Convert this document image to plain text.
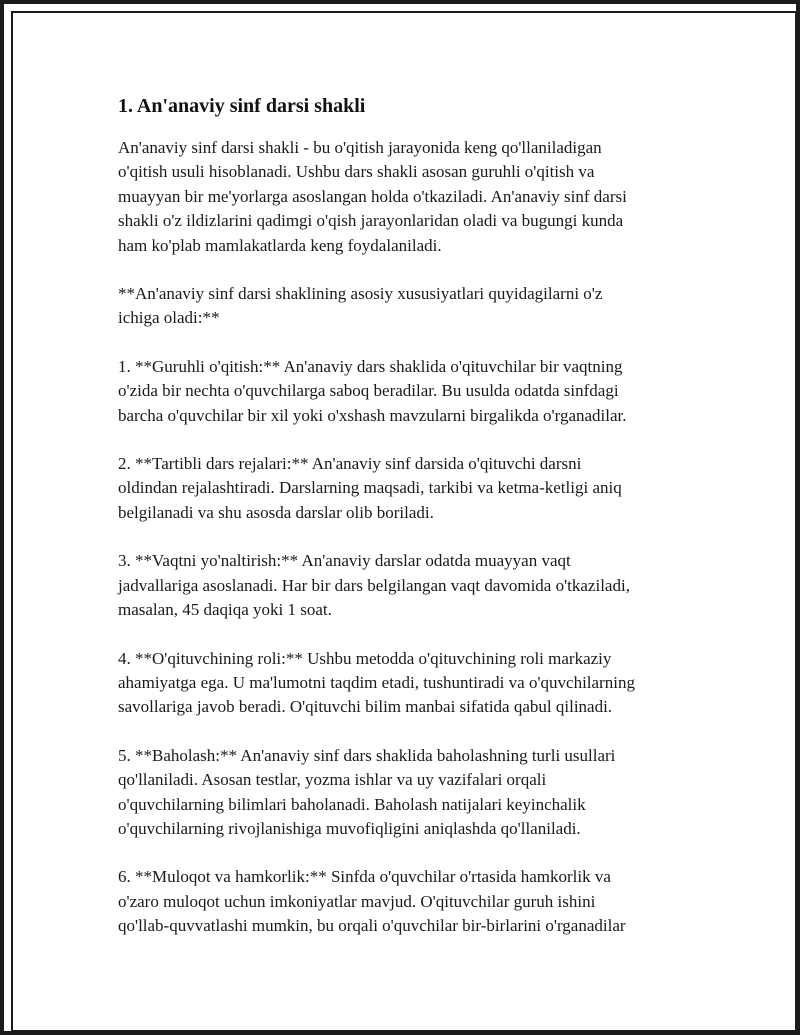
1. An'anaviy sinf darsi shakli

An'anaviy sinf darsi shakli - bu o'qitish jarayonida keng qo'llaniladigan
o'qitish usuli hisoblanadi. Ushbu dars shakli asosan guruhli o'qitish va
muayyan bir me'yorlarga asoslangan holda o'tkaziladi. An'anaviy sinf darsi
shakli o'z ildizlarini qadimgi o'qish jarayonlaridan oladi va bugungi kunda
ham ko'plab mamlakatlarda keng foydalaniladi.

**An'anaviy sinf darsi shaklining asosiy xususiyatlari quyidagilarni o'z
ichiga oladi:**

1. **Guruhli o'qitish:** An'anaviy dars shaklida o'qituvchilar bir vaqtning
o'zida bir nechta o'quvchilarga saboq beradilar. Bu usulda odatda sinfdagi
barcha o'quvchilar bir xil yoki o'xshash mavzularni birgalikda o'rganadilar.

2. **Tartibli dars rejalari:** An'anaviy sinf darsida o'qituvchi darsni
oldindan rejalashtiradi. Darslarning maqsadi, tarkibi va ketma-ketligi aniq
belgilanadi va shu asosda darslar olib boriladi.

3. **Vaqtni yo'naltirish:** An'anaviy darslar odatda muayyan vaqt
jadvallariga asoslanadi. Har bir dars belgilangan vaqt davomida o'tkaziladi,
masalan, 45 daqiqa yoki 1 soat.

4. **O'qituvchining roli:** Ushbu metodda o'qituvchining roli markaziy
ahamiyatga ega. U ma'lumotni taqdim etadi, tushuntiradi va o'quvchilarning
savollariga javob beradi. O'qituvchi bilim manbai sifatida qabul qilinadi.

5. **Baholash:** An'anaviy sinf dars shaklida baholashning turli usullari
qo'llaniladi. Asosan testlar, yozma ishlar va uy vazifalari orqali
o'quvchilarning bilimlari baholanadi. Baholash natijalari keyinchalik
o'quvchilarning rivojlanishiga muvofiqligini aniqlashda qo'llaniladi.

6. **Muloqot va hamkorlik:** Sinfda o'quvchilar o'rtasida hamkorlik va
o'zaro muloqot uchun imkoniyatlar mavjud. O'qituvchilar guruh ishini
qo'llab-quvvatlashi mumkin, bu orqali o'quvchilar bir-birlarini o'rganadilar
